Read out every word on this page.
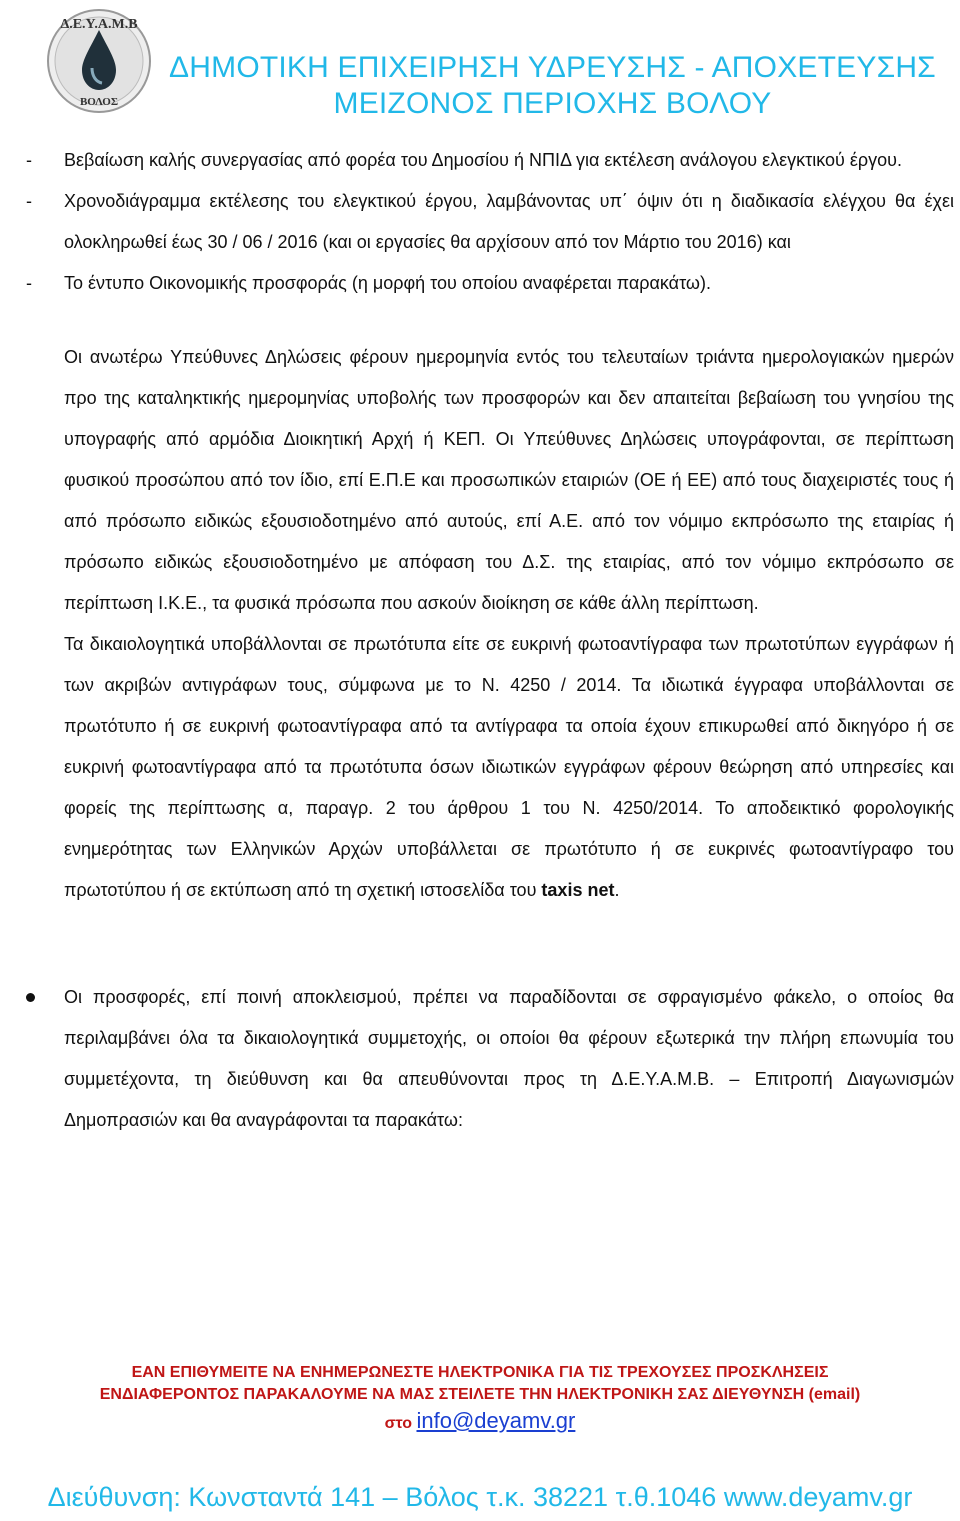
Δ.Ε.Υ.Α.Μ.Β
ΒΟΛΟΣ
ΔΗΜΟΤΙΚΗ ΕΠΙΧΕΙΡΗΣΗ ΥΔΡΕΥΣΗΣ - ΑΠΟΧΕΤΕΥΣΗΣ
ΜΕΙΖΟΝΟΣ ΠΕΡΙΟΧΗΣ ΒΟΛΟΥ
- Βεβαίωση καλής συνεργασίας από φορέα του Δημοσίου ή ΝΠΙΔ για εκτέλεση ανάλογου ελεγκτικού έργου.
- Χρονοδιάγραμμα εκτέλεσης του ελεγκτικού έργου, λαμβάνοντας υπ΄ όψιν ότι η διαδικασία ελέγχου θα έχει ολοκληρωθεί έως 30 / 06 / 2016 (και οι εργασίες θα αρχίσουν από τον Μάρτιο του 2016) και
- Το έντυπο Οικονομικής προσφοράς (η μορφή του οποίου αναφέρεται παρακάτω).

Οι ανωτέρω Υπεύθυνες Δηλώσεις φέρουν ημερομηνία εντός του τελευταίων τριάντα ημερολογιακών ημερών προ της καταληκτικής ημερομηνίας υποβολής των προσφορών και δεν απαιτείται βεβαίωση του γνησίου της υπογραφής από αρμόδια Διοικητική Αρχή ή ΚΕΠ. Οι Υπεύθυνες Δηλώσεις υπογράφονται, σε περίπτωση φυσικού προσώπου από τον ίδιο, επί Ε.Π.Ε και προσωπικών εταιριών (ΟΕ ή ΕΕ) από τους διαχειριστές τους ή από πρόσωπο ειδικώς εξουσιοδοτημένο από αυτούς, επί Α.Ε. από τον νόμιμο εκπρόσωπο της εταιρίας ή πρόσωπο ειδικώς εξουσιοδοτημένο με απόφαση του Δ.Σ. της εταιρίας, από τον νόμιμο εκπρόσωπο σε περίπτωση Ι.Κ.Ε., τα φυσικά πρόσωπα που ασκούν διοίκηση σε κάθε άλλη περίπτωση.

Τα δικαιολογητικά υποβάλλονται σε πρωτότυπα είτε σε ευκρινή φωτοαντίγραφα των πρωτοτύπων εγγράφων ή των ακριβών αντιγράφων τους, σύμφωνα με το Ν. 4250 / 2014. Τα ιδιωτικά έγγραφα υποβάλλονται σε πρωτότυπο ή σε ευκρινή φωτοαντίγραφα από τα αντίγραφα τα οποία έχουν επικυρωθεί από δικηγόρο ή σε ευκρινή φωτοαντίγραφα από τα πρωτότυπα όσων ιδιωτικών εγγράφων φέρουν θεώρηση από υπηρεσίες και φορείς της περίπτωσης α, παραγρ. 2 του άρθρου 1 του Ν. 4250/2014. Το αποδεικτικό φορολογικής ενημερότητας των Ελληνικών Αρχών υποβάλλεται σε πρωτότυπο ή σε ευκρινές φωτοαντίγραφο του πρωτοτύπου ή σε εκτύπωση από τη σχετική ιστοσελίδα του taxis net.

Οι προσφορές, επί ποινή αποκλεισμού, πρέπει να παραδίδονται σε σφραγισμένο φάκελο, ο οποίος θα περιλαμβάνει όλα τα δικαιολογητικά συμμετοχής, οι οποίοι θα φέρουν εξωτερικά την πλήρη επωνυμία του συμμετέχοντα, τη διεύθυνση και θα απευθύνονται προς τη Δ.Ε.Υ.Α.Μ.Β. – Επιτροπή Διαγωνισμών Δημοπρασιών και θα αναγράφονται τα παρακάτω:
ΕΑΝ ΕΠΙΘΥΜΕΙΤΕ ΝΑ ΕΝΗΜΕΡΩΝΕΣΤΕ ΗΛΕΚΤΡΟΝΙΚΑ ΓΙΑ ΤΙΣ ΤΡΕΧΟΥΣΕΣ ΠΡΟΣΚΛΗΣΕΙΣ
ΕΝΔΙΑΦΕΡΟΝΤΟΣ ΠΑΡΑΚΑΛΟΥΜΕ ΝΑ ΜΑΣ ΣΤΕΙΛΕΤΕ ΤΗΝ ΗΛΕΚΤΡΟΝΙΚΗ ΣΑΣ ΔΙΕΥΘΥΝΣΗ (email)
στο info@deyamv.gr
Διεύθυνση: Κωνσταντά 141 – Βόλος τ.κ. 38221 τ.θ.1046 www.deyamv.gr
